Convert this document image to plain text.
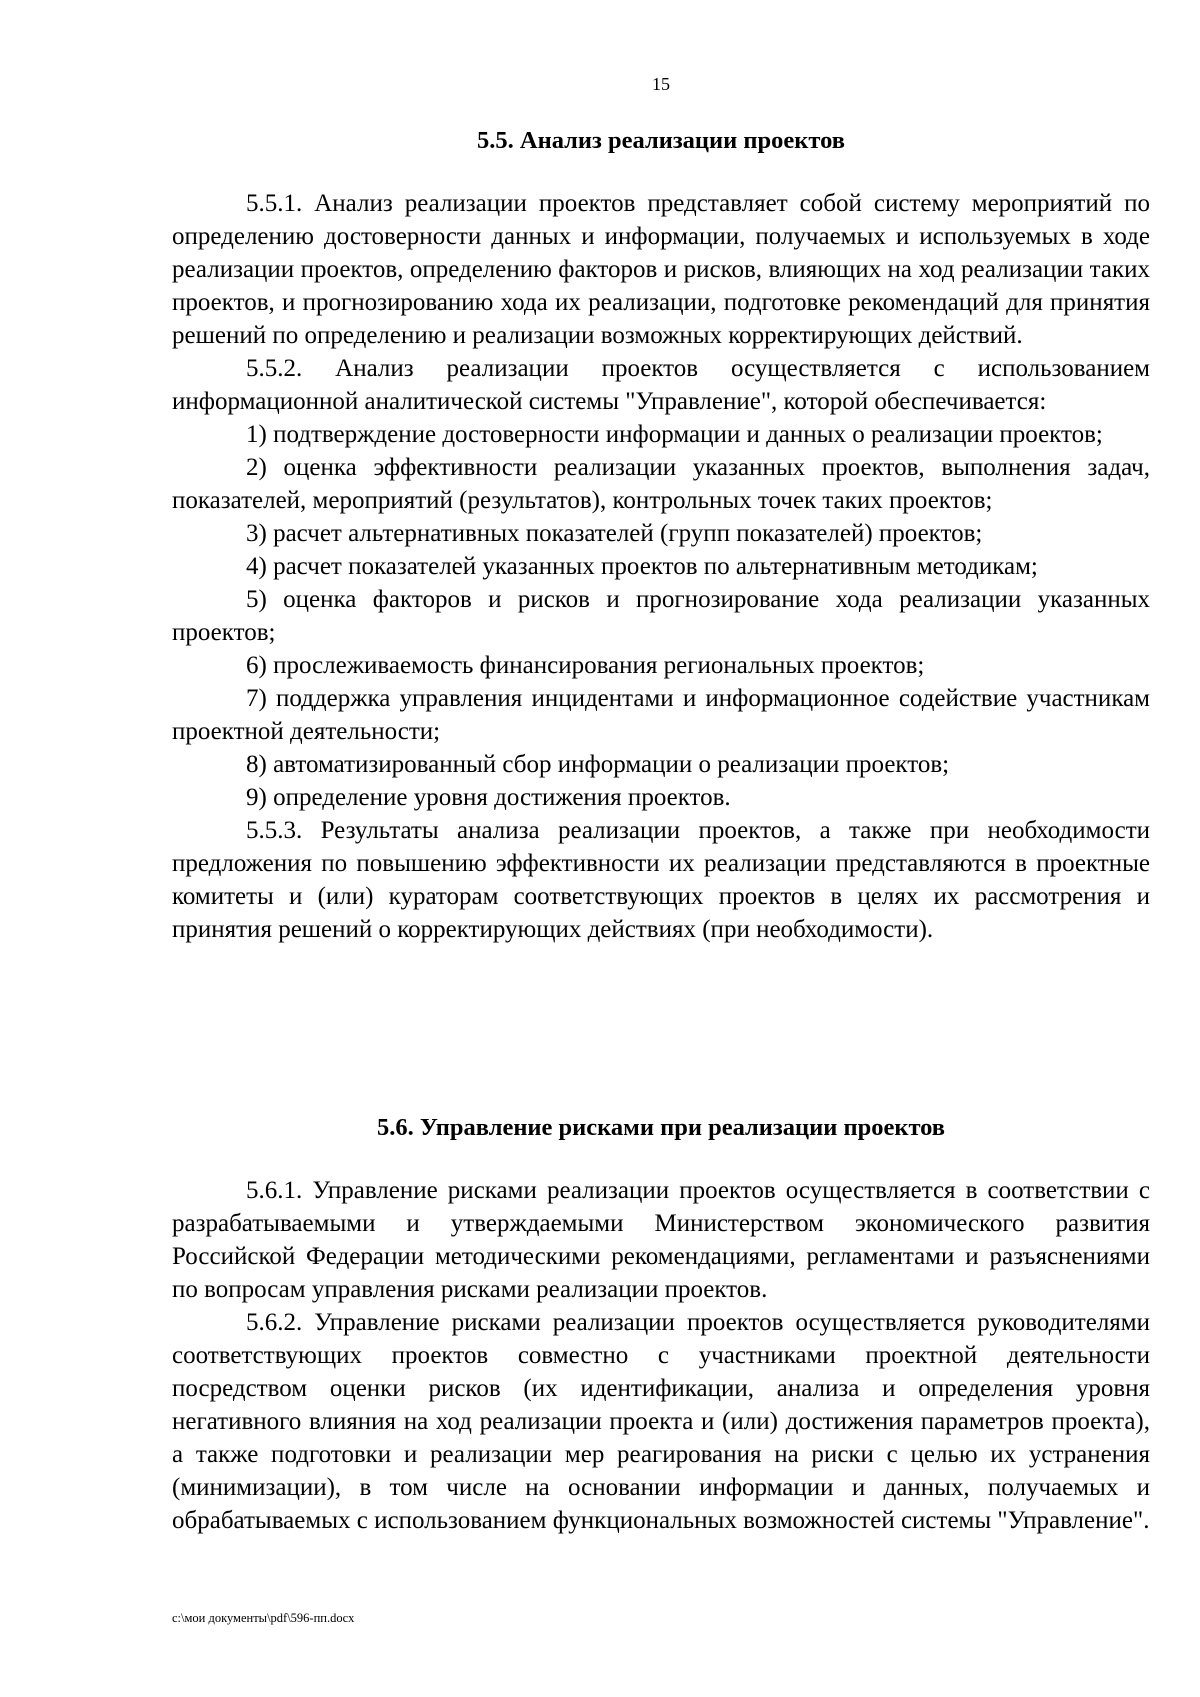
15
5.5. Анализ реализации проектов

5.5.1. Анализ реализации проектов представляет собой систему мероприятий по определению достоверности данных и информации, получаемых и используемых в ходе реализации проектов, определению факторов и рисков, влияющих на ход реализации таких проектов, и прогнозированию хода их реализации, подготовке рекомендаций для принятия решений по определению и реализации возможных корректирующих действий.

5.5.2. Анализ реализации проектов осуществляется с использованием информационной аналитической системы "Управление", которой обеспечивается:

1) подтверждение достоверности информации и данных о реализации проектов;

2) оценка эффективности реализации указанных проектов, выполнения задач, показателей, мероприятий (результатов), контрольных точек таких проектов;

3) расчет альтернативных показателей (групп показателей) проектов;

4) расчет показателей указанных проектов по альтернативным методикам;

5) оценка факторов и рисков и прогнозирование хода реализации указанных проектов;

6) прослеживаемость финансирования региональных проектов;

7) поддержка управления инцидентами и информационное содействие участникам проектной деятельности;

8) автоматизированный сбор информации о реализации проектов;

9) определение уровня достижения проектов.

5.5.3. Результаты анализа реализации проектов, а также при необходимости предложения по повышению эффективности их реализации представляются в проектные комитеты и (или) кураторам соответствующих проектов в целях их рассмотрения и принятия решений о корректирующих действиях (при необходимости).

5.6. Управление рисками при реализации проектов

5.6.1. Управление рисками реализации проектов осуществляется в соответствии с разрабатываемыми и утверждаемыми Министерством экономического развития Российской Федерации методическими рекомендациями, регламентами и разъяснениями по вопросам управления рисками реализации проектов.

5.6.2. Управление рисками реализации проектов осуществляется руководителями соответствующих проектов совместно с участниками проектной деятельности посредством оценки рисков (их идентификации, анализа и определения уровня негативного влияния на ход реализации проекта и (или) достижения параметров проекта), а также подготовки и реализации мер реагирования на риски с целью их устранения (минимизации), в том числе на основании информации и данных, получаемых и обрабатываемых с использованием функциональных возможностей системы "Управление".

c:\мои документы\pdf\596-пп.docx
